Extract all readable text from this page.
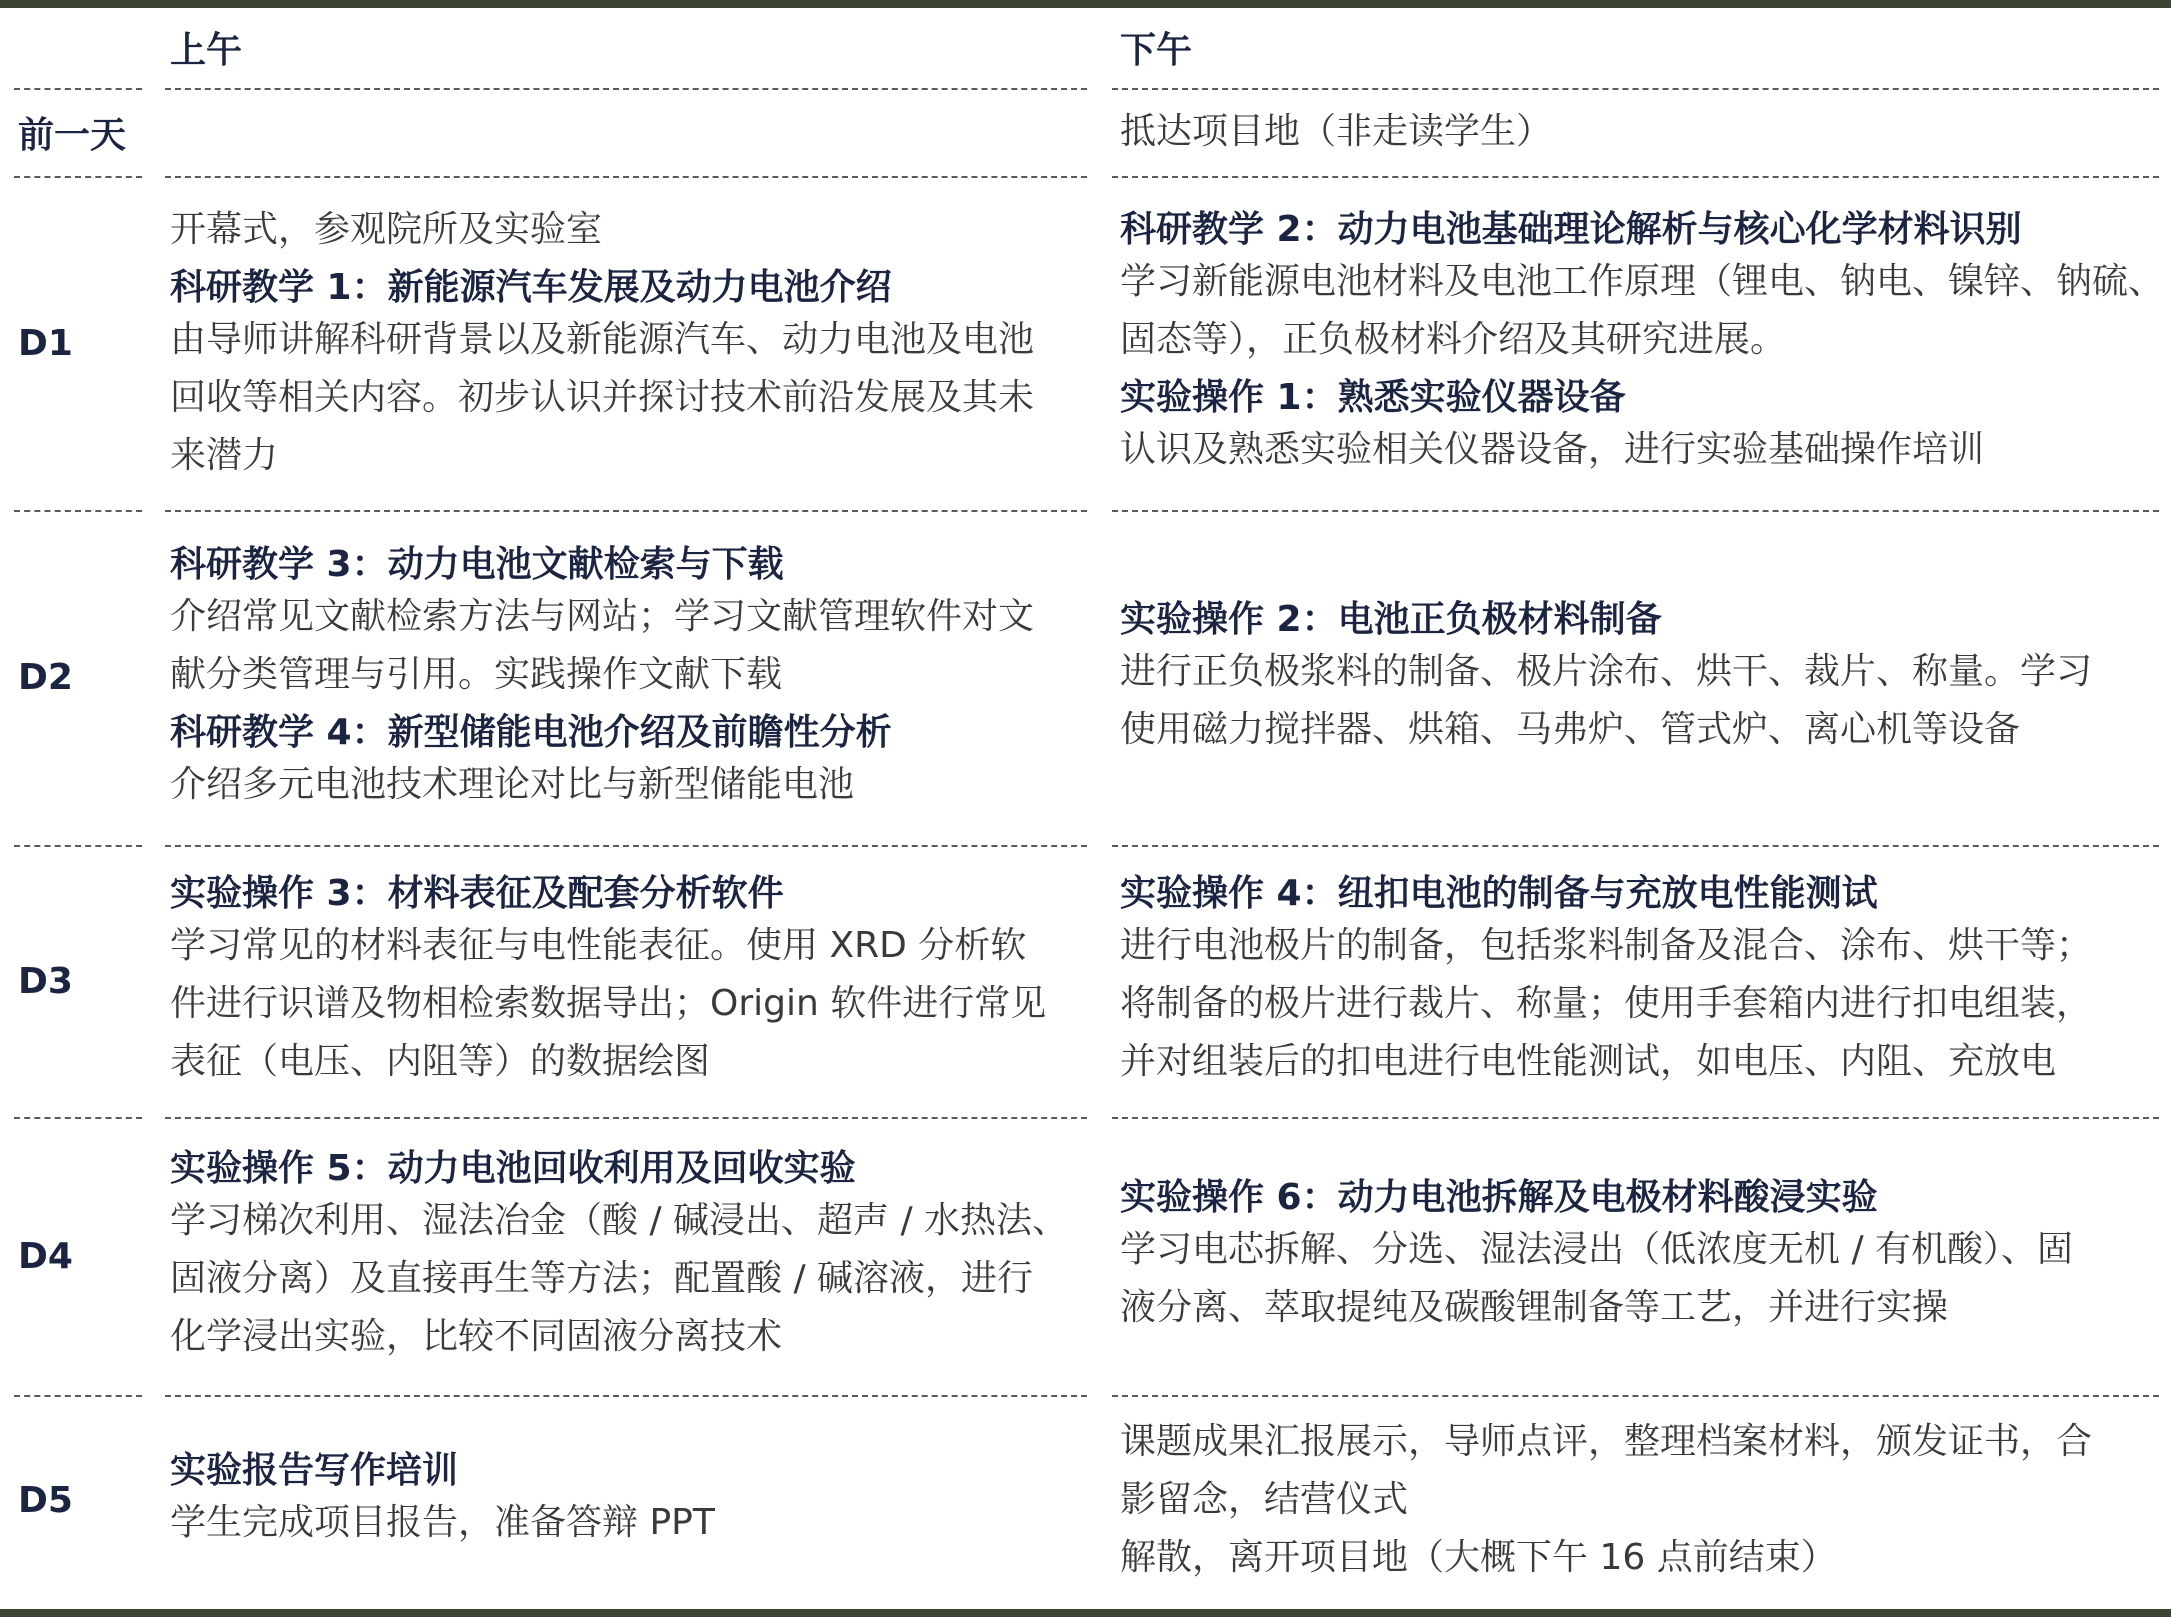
上午	下午
前一天	抵达项目地（非走读学生）
D1
开幕式，参观院所及实验室
科研教学 1：新能源汽车发展及动力电池介绍
由导师讲解科研背景以及新能源汽车、动力电池及电池
回收等相关内容。初步认识并探讨技术前沿发展及其未
来潜力
科研教学 2：动力电池基础理论解析与核心化学材料识别
学习新能源电池材料及电池工作原理（锂电、钠电、镍锌、钠硫、
固态等），正负极材料介绍及其研究进展。
实验操作 1：熟悉实验仪器设备
认识及熟悉实验相关仪器设备，进行实验基础操作培训
D2
科研教学 3：动力电池文献检索与下载
介绍常见文献检索方法与网站；学习文献管理软件对文
献分类管理与引用。实践操作文献下载
科研教学 4：新型储能电池介绍及前瞻性分析
介绍多元电池技术理论对比与新型储能电池
实验操作 2：电池正负极材料制备
进行正负极浆料的制备、极片涂布、烘干、裁片、称量。学习
使用磁力搅拌器、烘箱、马弗炉、管式炉、离心机等设备
D3
实验操作 3：材料表征及配套分析软件
学习常见的材料表征与电性能表征。使用 XRD 分析软
件进行识谱及物相检索数据导出；Origin 软件进行常见
表征（电压、内阻等）的数据绘图
实验操作 4：纽扣电池的制备与充放电性能测试
进行电池极片的制备，包括浆料制备及混合、涂布、烘干等；
将制备的极片进行裁片、称量；使用手套箱内进行扣电组装，
并对组装后的扣电进行电性能测试，如电压、内阻、充放电
D4
实验操作 5：动力电池回收利用及回收实验
学习梯次利用、湿法冶金（酸 / 碱浸出、超声 / 水热法、
固液分离）及直接再生等方法；配置酸 / 碱溶液，进行
化学浸出实验，比较不同固液分离技术
实验操作 6：动力电池拆解及电极材料酸浸实验
学习电芯拆解、分选、湿法浸出（低浓度无机 / 有机酸）、固
液分离、萃取提纯及碳酸锂制备等工艺，并进行实操
D5
实验报告写作培训
学生完成项目报告，准备答辩 PPT
课题成果汇报展示，导师点评，整理档案材料，颁发证书，合
影留念，结营仪式
解散，离开项目地（大概下午 16 点前结束）
